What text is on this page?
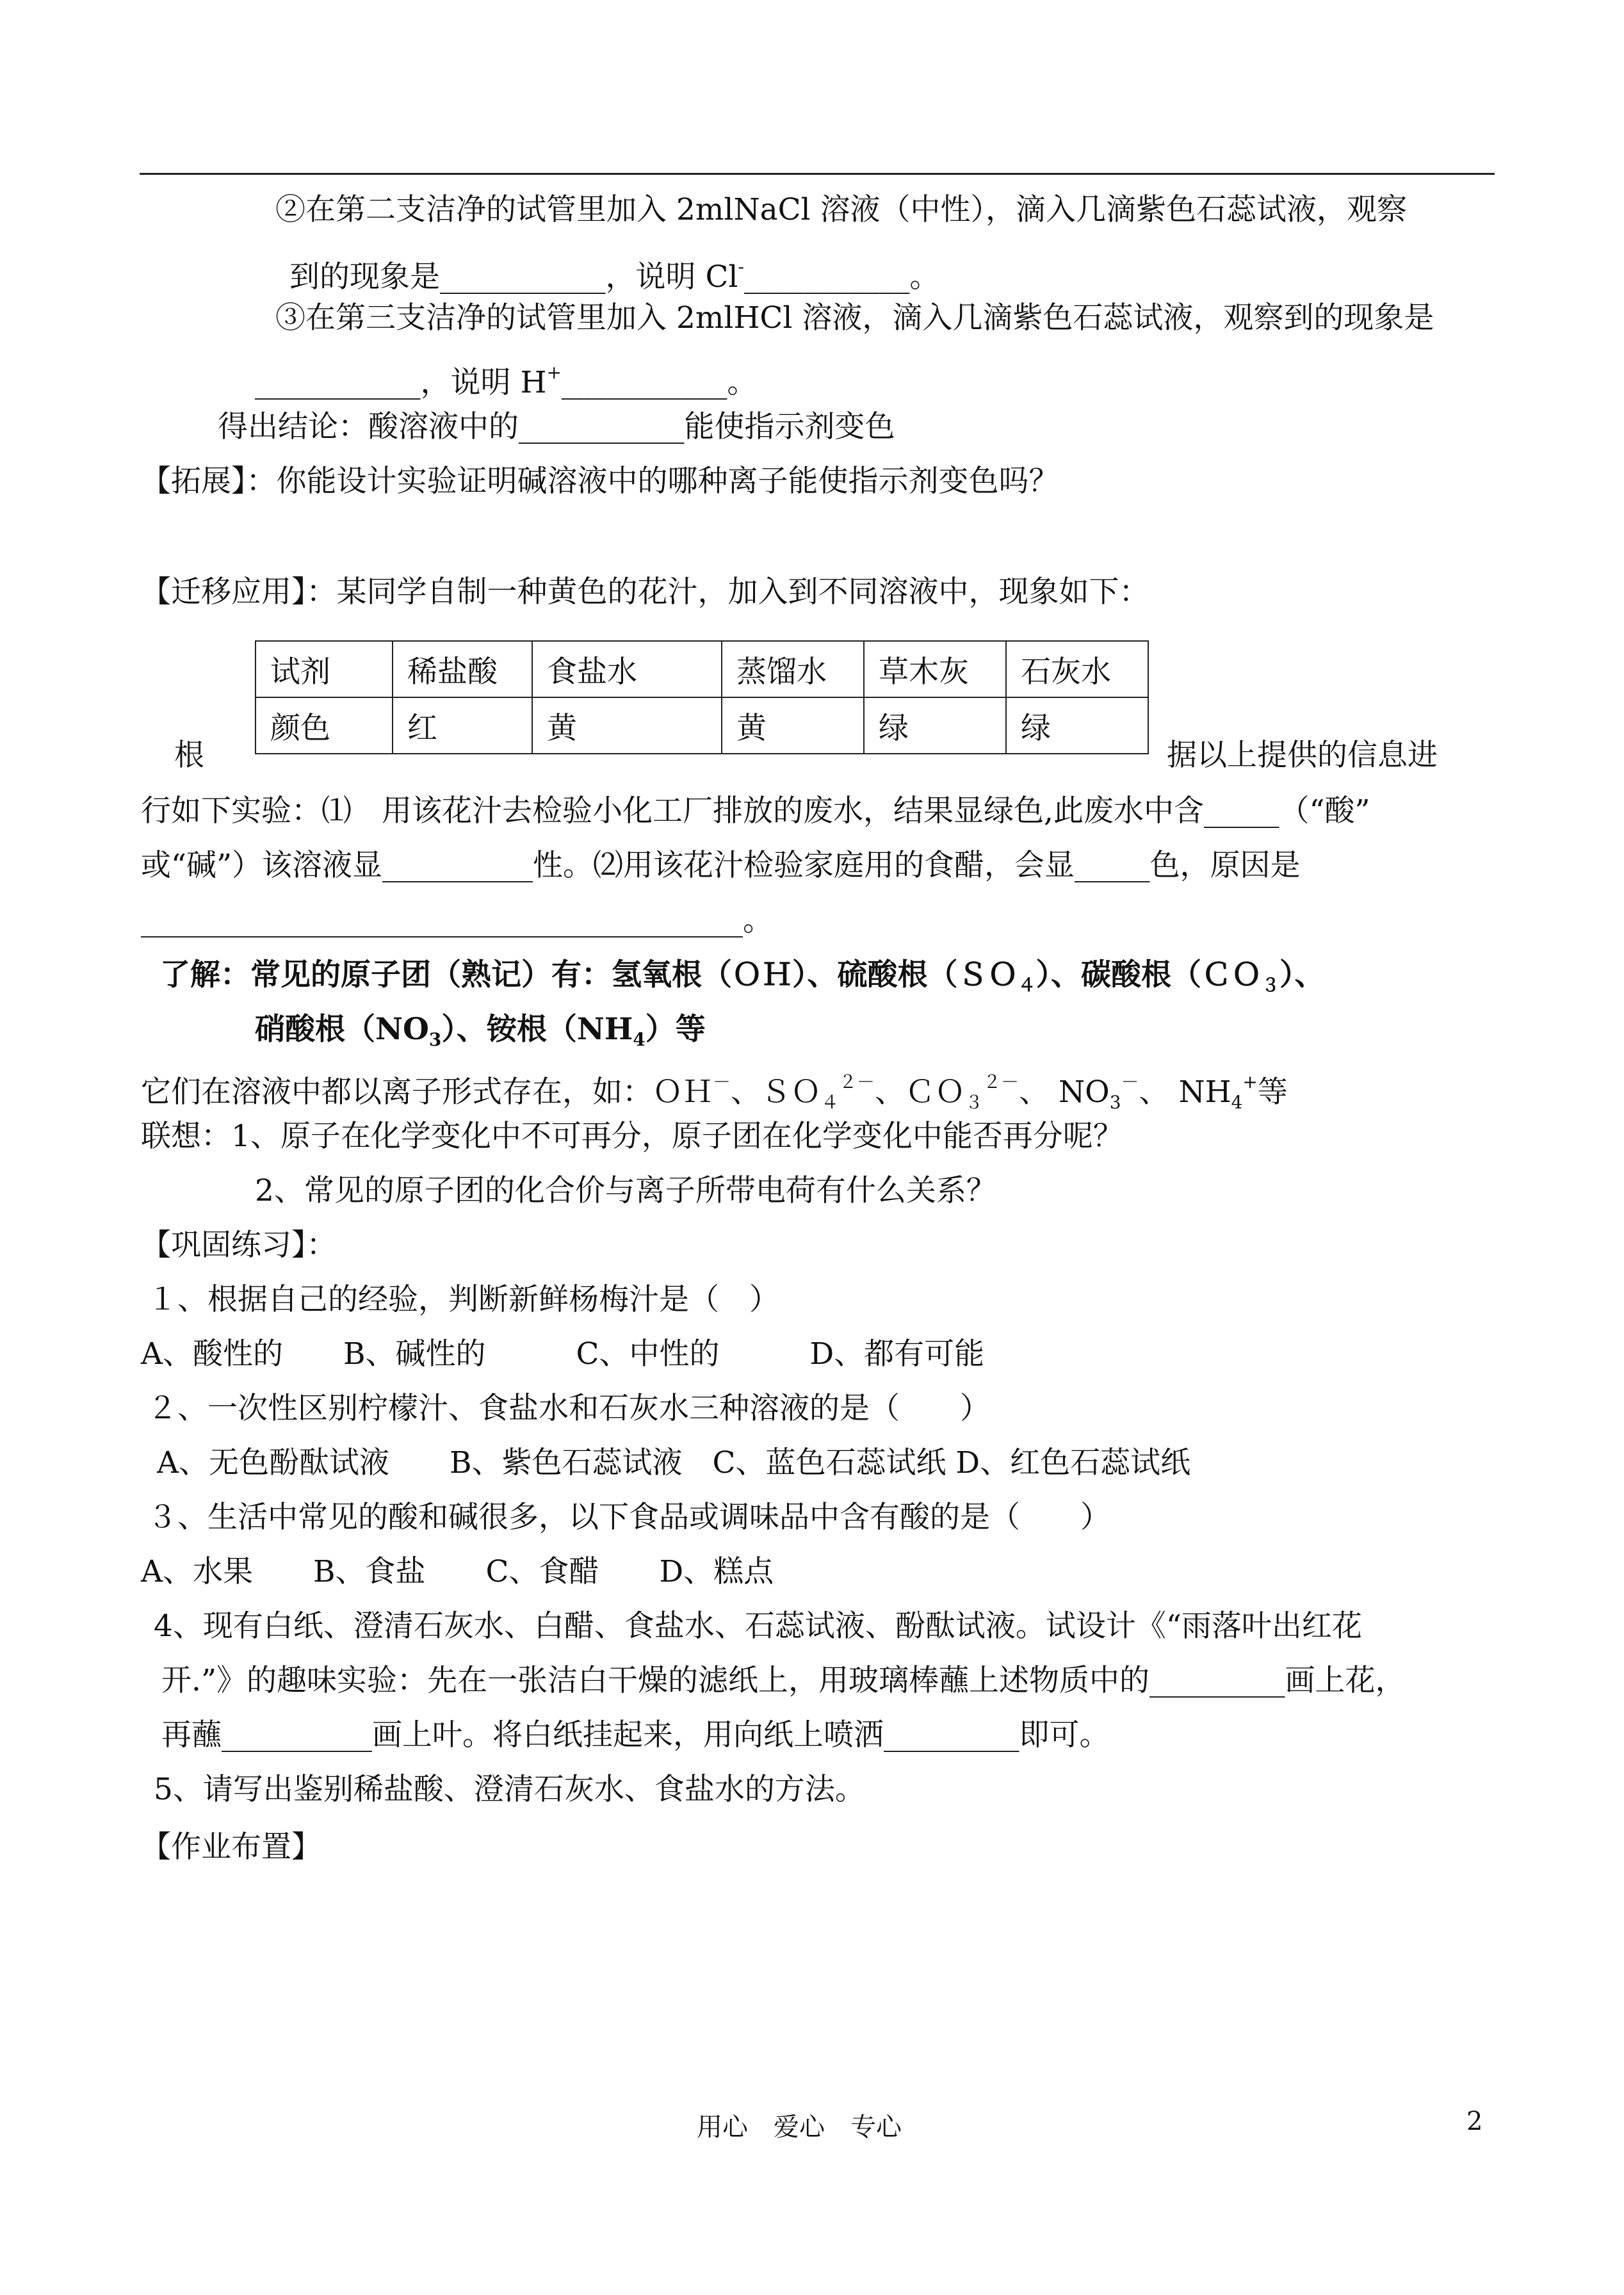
②在第二支洁净的试管里加入 2mlNaCl 溶液（中性），滴入几滴紫色石蕊试液，观察
到的现象是___________，说明 Cl-___________。
③在第三支洁净的试管里加入 2mlHCl 溶液，滴入几滴紫色石蕊试液，观察到的现象是
___________，说明 H+___________。
得出结论：酸溶液中的___________能使指示剂变色
【拓展】：你能设计实验证明碱溶液中的哪种离子能使指示剂变色吗？
【迁移应用】：某同学自制一种黄色的花汁，加入到不同溶液中，现象如下：
试剂	稀盐酸	食盐水	蒸馏水	草木灰	石灰水
颜色	红	黄	黄	绿	绿
根	据以上提供的信息进
行如下实验：⑴　用该花汁去检验小化工厂排放的废水，结果显绿色,此废水中含_____（“酸”
或“碱”）该溶液显__________性。⑵用该花汁检验家庭用的食醋，会显_____色，原因是
________________________________________。
了解：常见的原子团（熟记）有：氢氧根（ＯＨ）、硫酸根（ＳＯ$_4$）、碳酸根（ＣＯ$_3$）、
硝酸根$(NO_3)$、铵根$(NH_4)$等
它们在溶液中都以离子形式存在，如：ＯＨ－、ＳＯ$_4^{2-}$、ＣＯ$_3^{2-}$、 $NO_3^-$、 $NH_4^+$等
联想：1、原子在化学变化中不可再分，原子团在化学变化中能否再分呢？
2、常见的原子团的化合价与离子所带电荷有什么关系？
【巩固练习】：
１、根据自己的经验，判断新鲜杨梅汁是（　）
A、酸性的　　B、碱性的　　　C、中性的　　　D、都有可能
２、一次性区别柠檬汁、食盐水和石灰水三种溶液的是（　　）
A、无色酚酞试液　　B、紫色石蕊试液　C、蓝色石蕊试纸 D、红色石蕊试纸
３、生活中常见的酸和碱很多，以下食品或调味品中含有酸的是（　　）
A、水果　　B、食盐　　C、食醋　　D、糕点
4、现有白纸、澄清石灰水、白醋、食盐水、石蕊试液、酚酞试液。试设计《“雨落叶出红花
开.”》的趣味实验：先在一张洁白干燥的滤纸上，用玻璃棒蘸上述物质中的_________画上花，
再蘸__________画上叶。将白纸挂起来，用向纸上喷洒_________即可。
5、请写出鉴别稀盐酸、澄清石灰水、食盐水的方法。
【作业布置】
用心　爱心　专心	2
